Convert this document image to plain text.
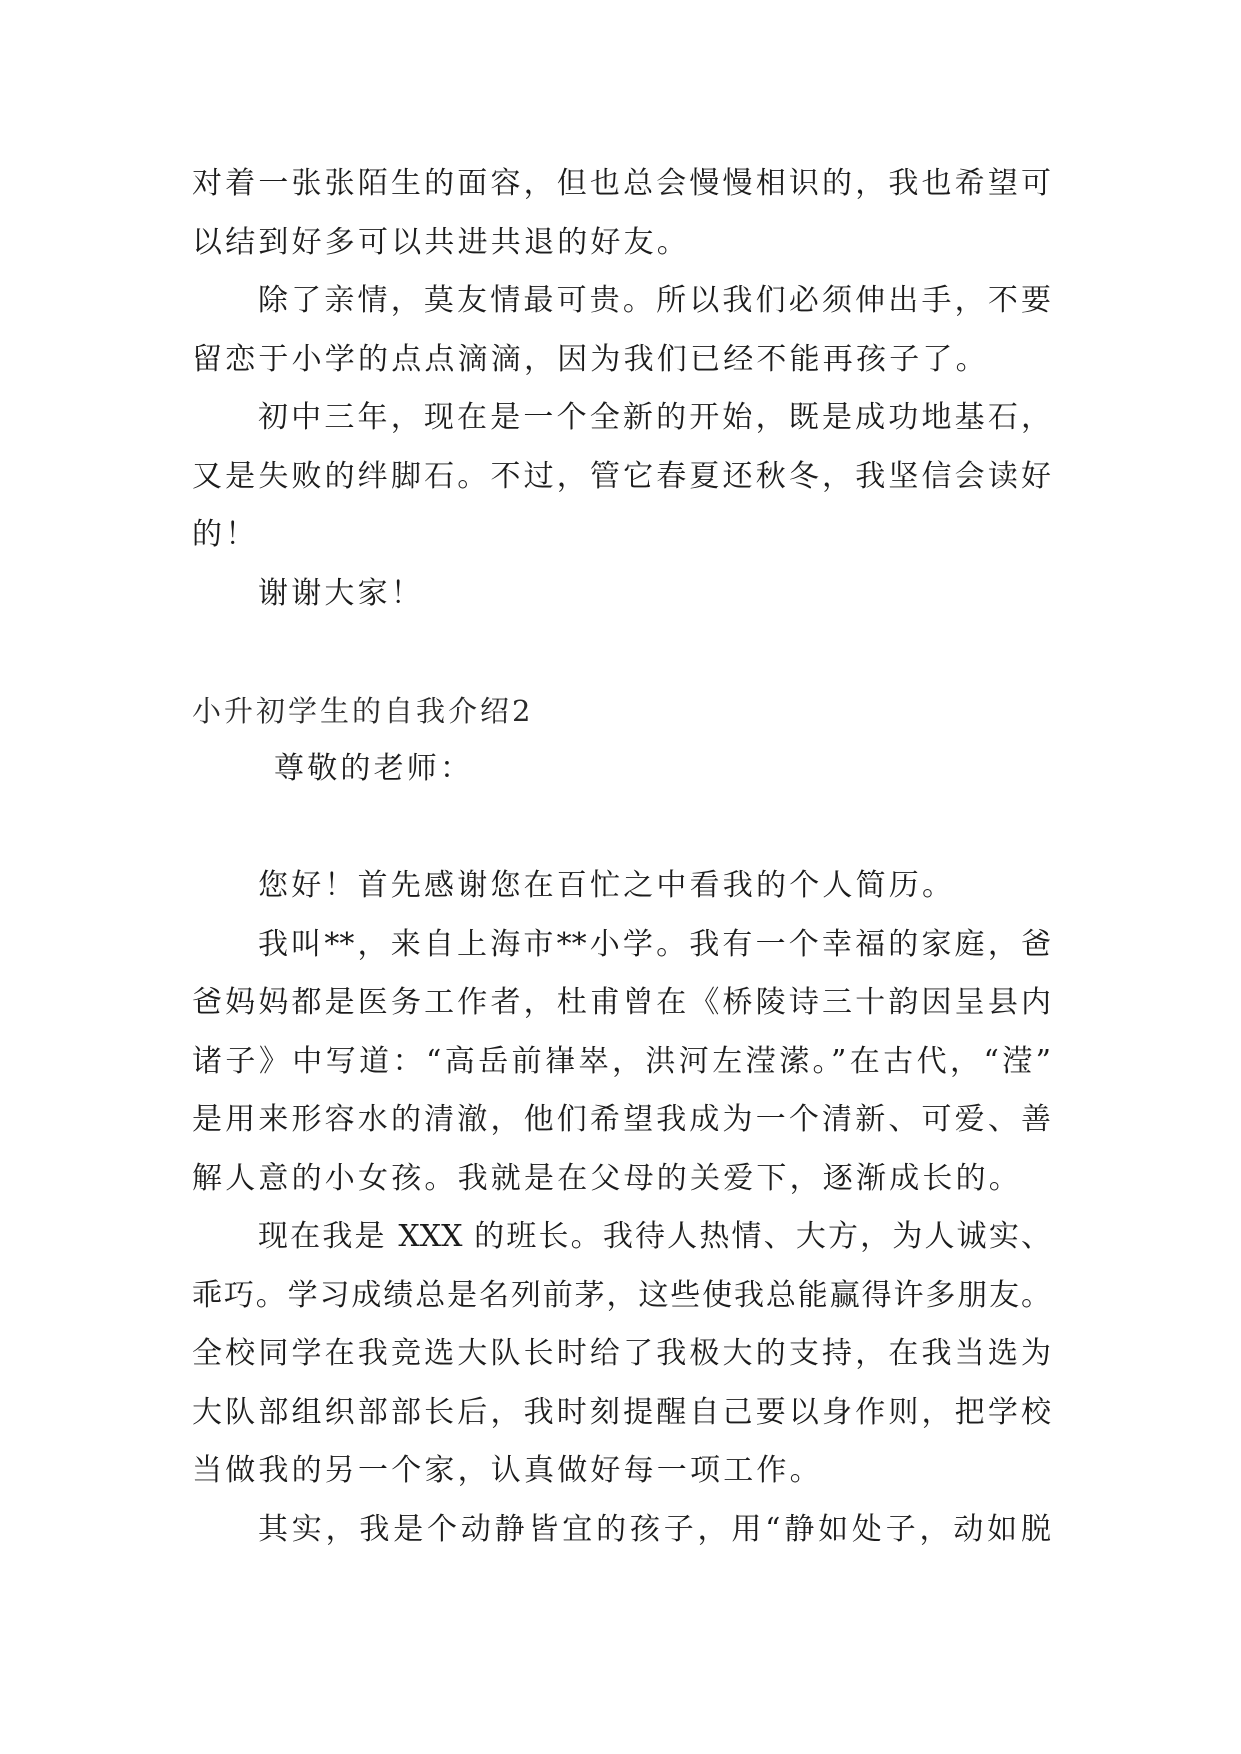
对着一张张陌生的面容，但也总会慢慢相识的，我也希望可
以结到好多可以共进共退的好友。
除了亲情，莫友情最可贵。所以我们必须伸出手，不要
留恋于小学的点点滴滴，因为我们已经不能再孩子了。
初中三年，现在是一个全新的开始，既是成功地基石，
又是失败的绊脚石。不过，管它春夏还秋冬，我坚信会读好
的！
谢谢大家！
小升初学生的自我介绍2
尊敬的老师：
您好！首先感谢您在百忙之中看我的个人简历。
我叫**，来自上海市**小学。我有一个幸福的家庭，爸
爸妈妈都是医务工作者，杜甫曾在《桥陵诗三十韵因呈县内
诸子》中写道：“高岳前嵂崒，洪河左滢潆。”在古代，“滢”
是用来形容水的清澈，他们希望我成为一个清新、可爱、善
解人意的小女孩。我就是在父母的关爱下，逐渐成长的。
现在我是 XXX 的班长。我待人热情、大方，为人诚实、
乖巧。学习成绩总是名列前茅，这些使我总能赢得许多朋友。
全校同学在我竞选大队长时给了我极大的支持，在我当选为
大队部组织部部长后，我时刻提醒自己要以身作则，把学校
当做我的另一个家，认真做好每一项工作。
其实，我是个动静皆宜的孩子，用“静如处子，动如脱
